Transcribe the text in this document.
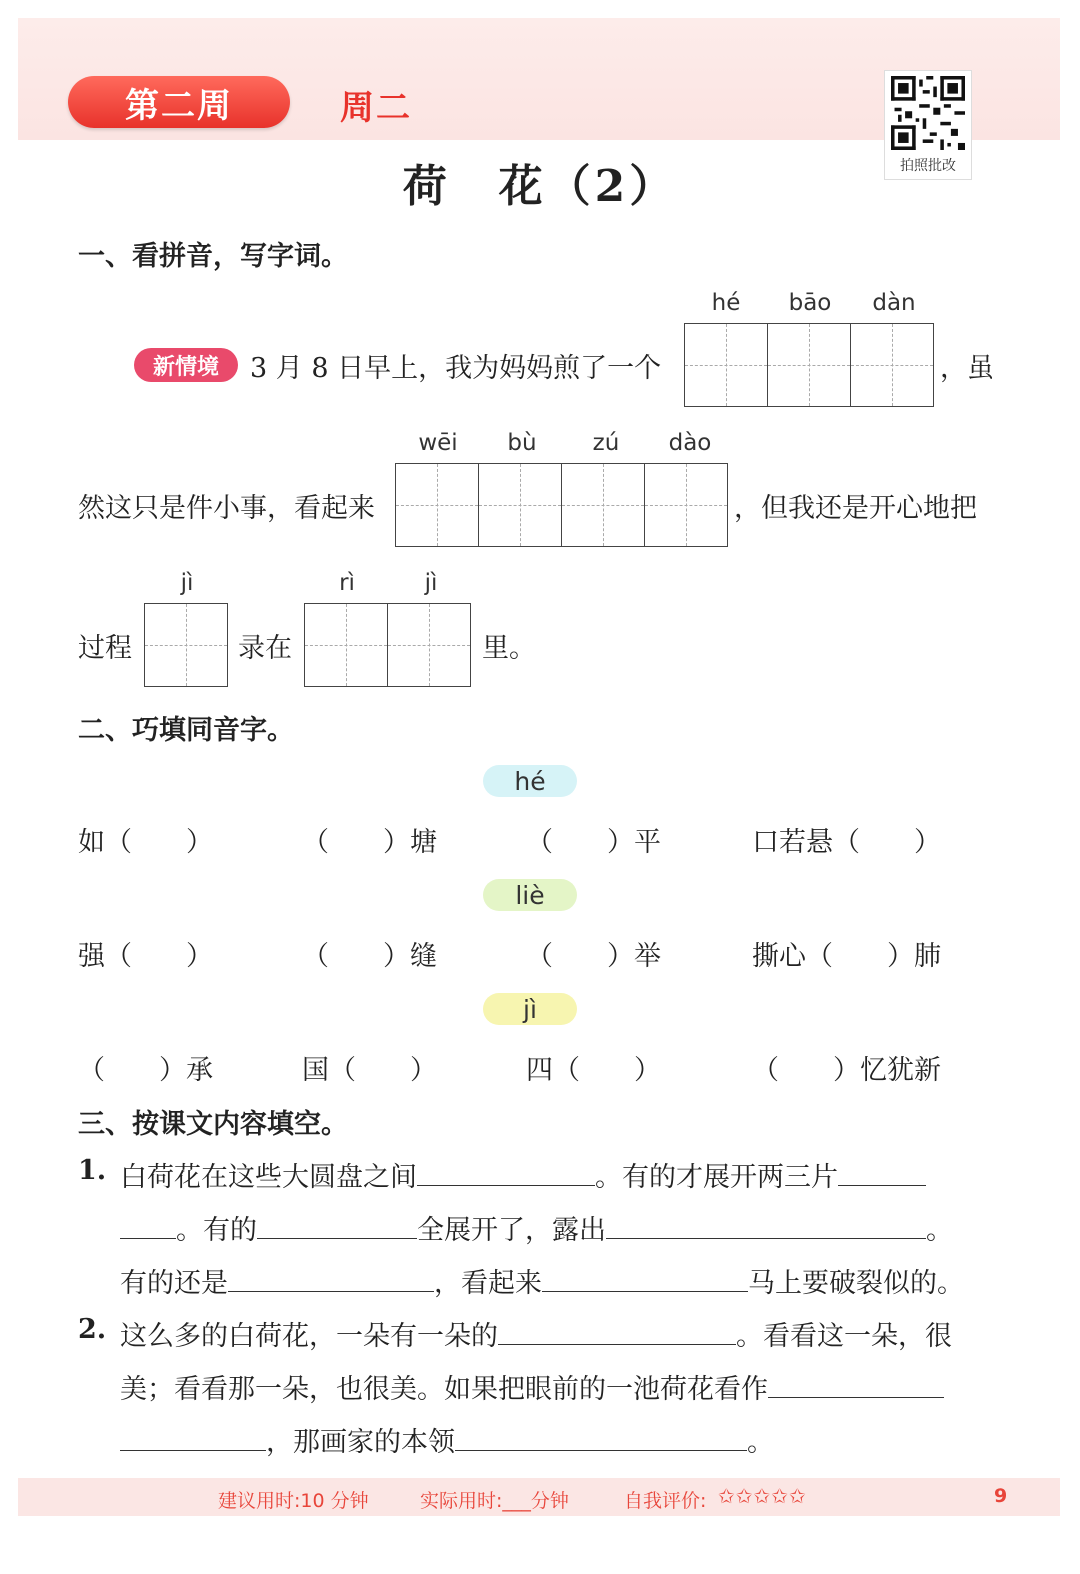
第二周	周二
拍照批改
荷　花（2）
一、看拼音，写字词。
新情境	3 月 8 日早上，我为妈妈煎了一个
hé	bāo	dàn
，虽
然这只是件小事，看起来
wēi	bù	zú	dào
，但我还是开心地把
过程
jì
录在
rì	jì
里。
二、巧填同音字。
hé
如（　　）	（　　）塘	（　　）平	口若悬（　　）
liè
强（　　）	（　　）缝	（　　）举	撕心（　　）肺
jì
（　　）承	国（　　）	四（　　）	（　　）忆犹新
三、按课文内容填空。
1. 白荷花在这些大圆盘之间	。有的才展开两三片
。有的	全展开了，露出	。
有的还是	，看起来	马上要破裂似的。
2. 这么多的白荷花，一朵有一朵的	。看看这一朵，很
美；看看那一朵，也很美。如果把眼前的一池荷花看作
，那画家的本领	。
建议用时:10 分钟	实际用时:___分钟	自我评价: ✩✩✩✩✩	9
